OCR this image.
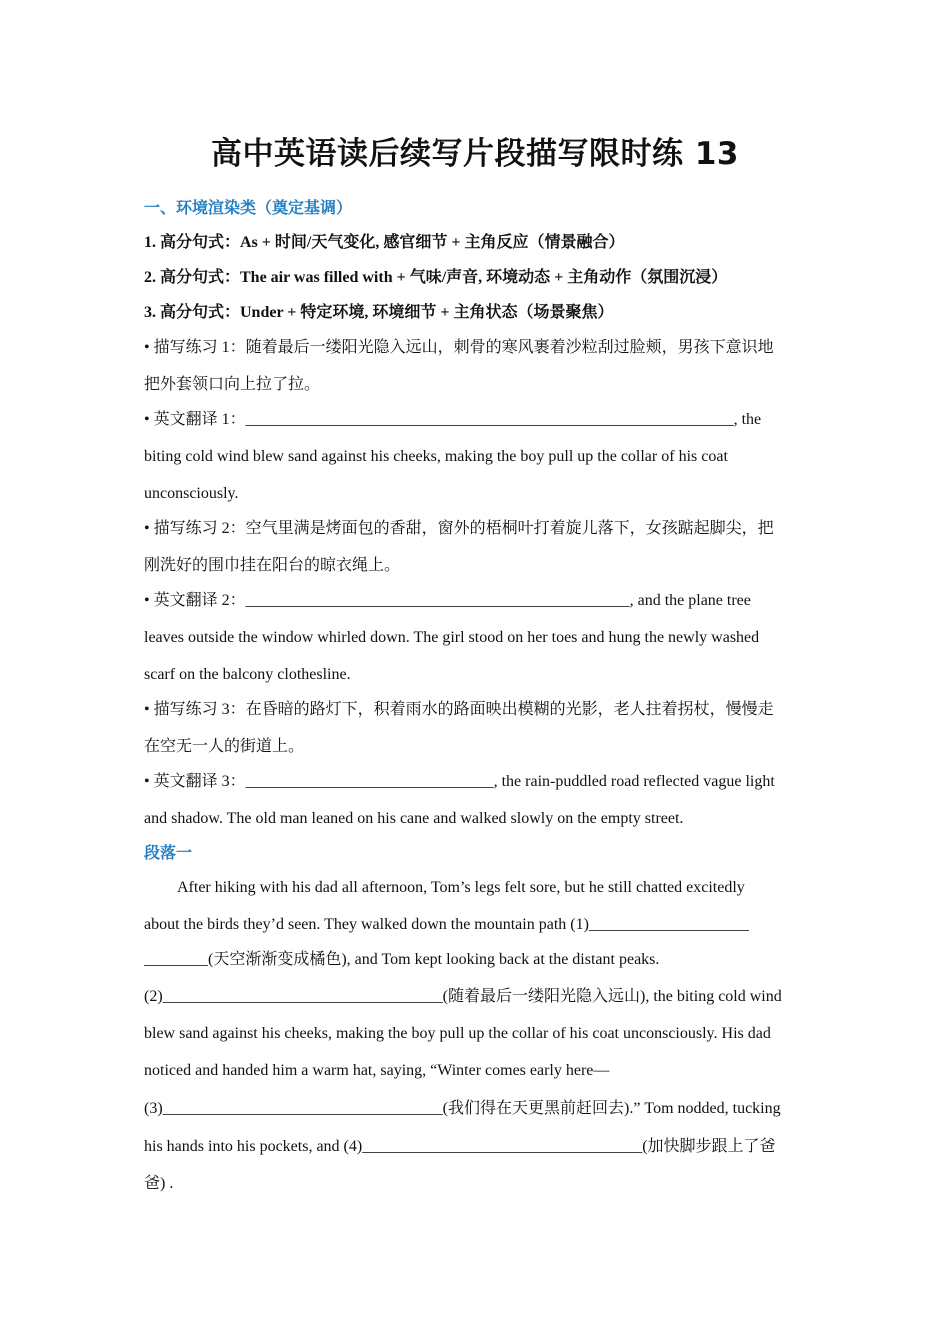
高中英语读后续写片段描写限时练 13
一、环境渲染类（奠定基调）
1. 高分句式：As + 时间/天气变化, 感官细节 + 主角反应（情景融合）
2. 高分句式：The air was filled with + 气味/声音, 环境动态 + 主角动作（氛围沉浸）
3. 高分句式：Under + 特定环境, 环境细节 + 主角状态（场景聚焦）
• 描写练习 1：随着最后一缕阳光隐入远山，刺骨的寒风裹着沙粒刮过脸颊，男孩下意识地
把外套领口向上拉了拉。
• 英文翻译 1：_____________________________________________________________, the
biting cold wind blew sand against his cheeks, making the boy pull up the collar of his coat
unconsciously.
• 描写练习 2：空气里满是烤面包的香甜，窗外的梧桐叶打着旋儿落下，女孩踮起脚尖，把
刚洗好的围巾挂在阳台的晾衣绳上。
• 英文翻译 2：________________________________________________, and the plane tree
leaves outside the window whirled down. The girl stood on her toes and hung the newly washed
scarf on the balcony clothesline.
• 描写练习 3：在昏暗的路灯下，积着雨水的路面映出模糊的光影，老人拄着拐杖，慢慢走
在空无一人的街道上。
• 英文翻译 3：_______________________________, the rain-puddled road reflected vague light
and shadow. The old man leaned on his cane and walked slowly on the empty street.
段落一
After hiking with his dad all afternoon, Tom’s legs felt sore, but he still chatted excitedly
about the birds they’d seen. They walked down the mountain path (1)____________________
________(天空渐渐变成橘色), and Tom kept looking back at the distant peaks.
(2)___________________________________(随着最后一缕阳光隐入远山), the biting cold wind
blew sand against his cheeks, making the boy pull up the collar of his coat unconsciously. His dad
noticed and handed him a warm hat, saying, “Winter comes early here—
(3)___________________________________(我们得在天更黑前赶回去).” Tom nodded, tucking
his hands into his pockets, and (4)___________________________________(加快脚步跟上了爸
爸) .
